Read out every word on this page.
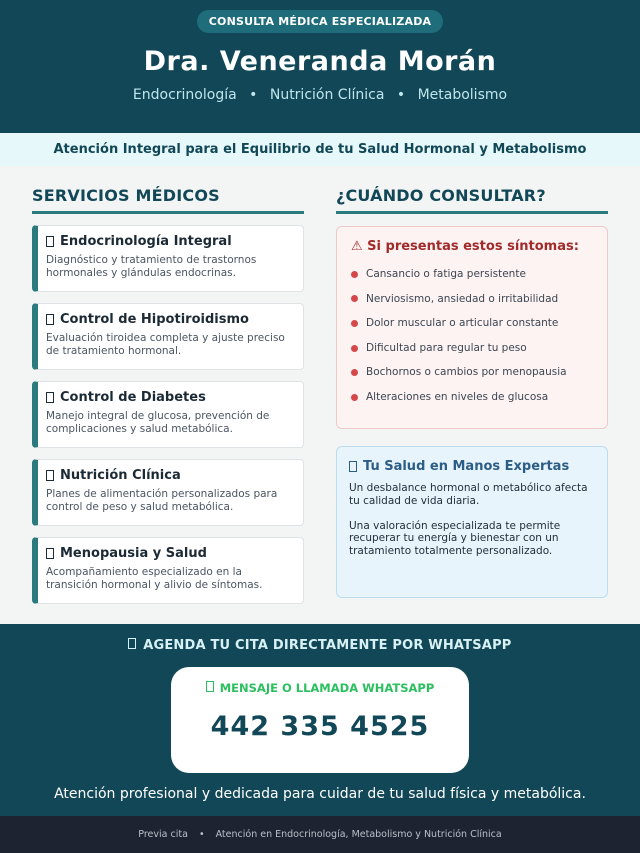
CONSULTA MÉDICA ESPECIALIZADA
Dra. Veneranda Morán
Endocrinología • Nutrición Clínica • Metabolismo
Atención Integral para el Equilibrio de tu Salud Hormonal y Metabolismo
SERVICIOS MÉDICOS
Endocrinología Integral
Diagnóstico y tratamiento de trastornos hormonales y glándulas endocrinas.
Control de Hipotiroidismo
Evaluación tiroidea completa y ajuste preciso de tratamiento hormonal.
Control de Diabetes
Manejo integral de glucosa, prevención de complicaciones y salud metabólica.
Nutrición Clínica
Planes de alimentación personalizados para control de peso y salud metabólica.
Menopausia y Salud
Acompañamiento especializado en la transición hormonal y alivio de síntomas.
¿CUÁNDO CONSULTAR?
⚠ Si presentas estos síntomas:
Cansancio o fatiga persistente
Nerviosismo, ansiedad o irritabilidad
Dolor muscular o articular constante
Dificultad para regular tu peso
Bochornos o cambios por menopausia
Alteraciones en niveles de glucosa
Tu Salud en Manos Expertas

Un desbalance hormonal o metabólico afecta tu calidad de vida diaria.

Una valoración especializada te permite recuperar tu energía y bienestar con un tratamiento totalmente personalizado.

AGENDA TU CITA DIRECTAMENTE POR WHATSAPP
MENSAJE O LLAMADA WHATSAPP
442 335 4525
Atención profesional y dedicada para cuidar de tu salud física y metabólica.
Previa cita • Atención en Endocrinología, Metabolismo y Nutrición Clínica
